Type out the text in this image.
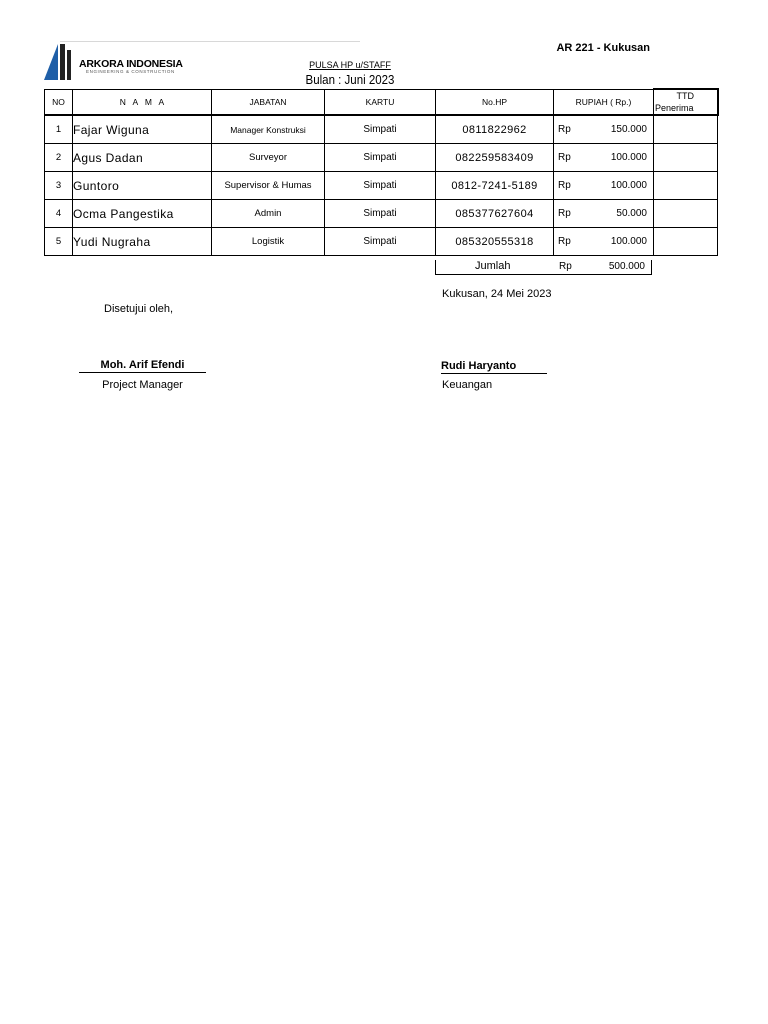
ARKORA INDONESIA
ENGINEERING & CONSTRUCTION
AR 221 - Kukusan
PULSA HP u/STAFF
Bulan : Juni 2023
NO	N   A   M   A	JABATAN	KARTU	No.HP	RUPIAH ( Rp.)	TTD
Penerima

1	Fajar Wiguna	Manager Konstruksi	Simpati	0811822962	Rp 150.000	

2	Agus Dadan	Surveyor	Simpati	082259583409	Rp 100.000	

3	Guntoro	Supervisor & Humas	Simpati	0812-7241-5189	Rp 100.000	

4	Ocma Pangestika	Admin	Simpati	085377627604	Rp 50.000	

5	Yudi Nugraha	Logistik	Simpati	085320555318	Rp 100.000	

Jumlah	Rp	500.000
Kukusan, 24 Mei 2023
Disetujui oleh,
Moh. Arif Efendi
Project Manager
Rudi Haryanto
Keuangan
